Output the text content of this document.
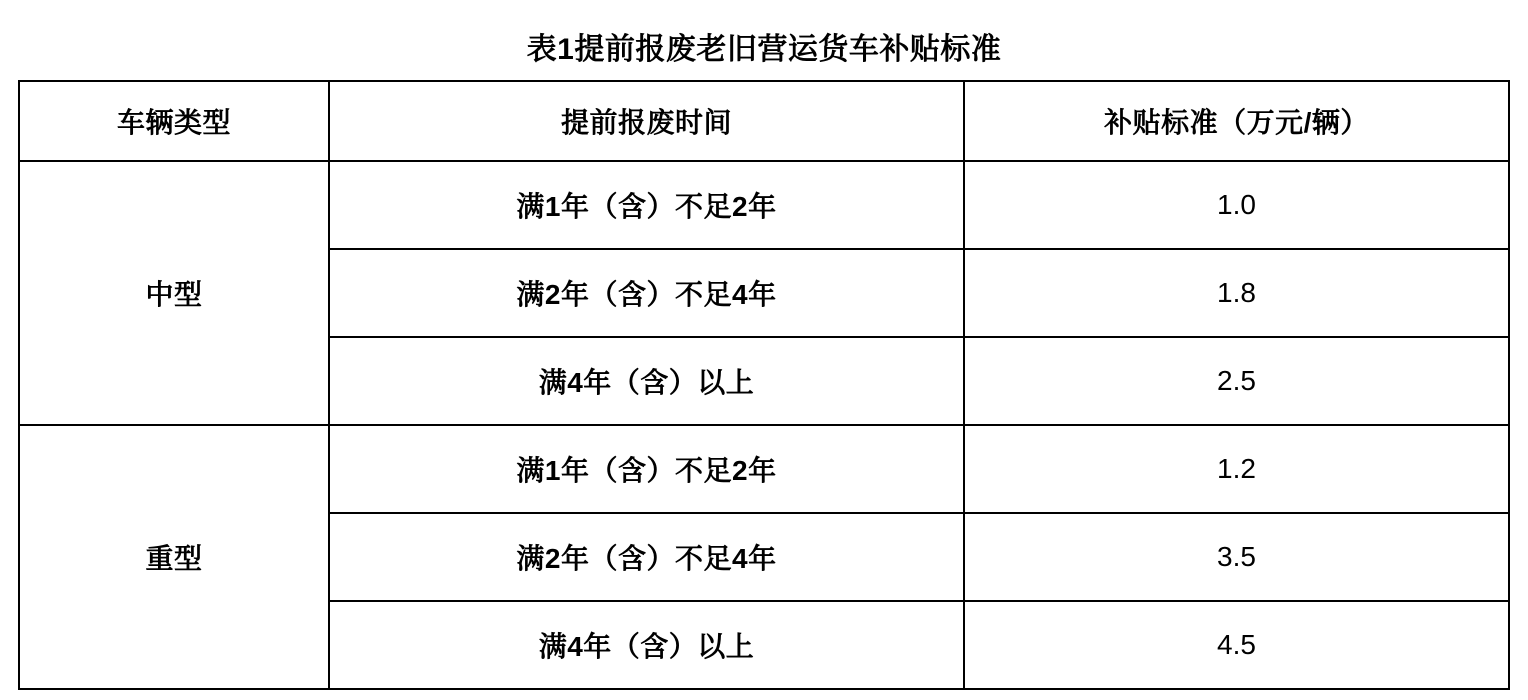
表1提前报废老旧营运货车补贴标准
车辆类型	提前报废时间	补贴标准（万元/辆）
中型	满1年（含）不足2年	1.0
	满2年（含）不足4年	1.8
	满4年（含）以上	2.5
重型	满1年（含）不足2年	1.2
	满2年（含）不足4年	3.5
	满4年（含）以上	4.5
